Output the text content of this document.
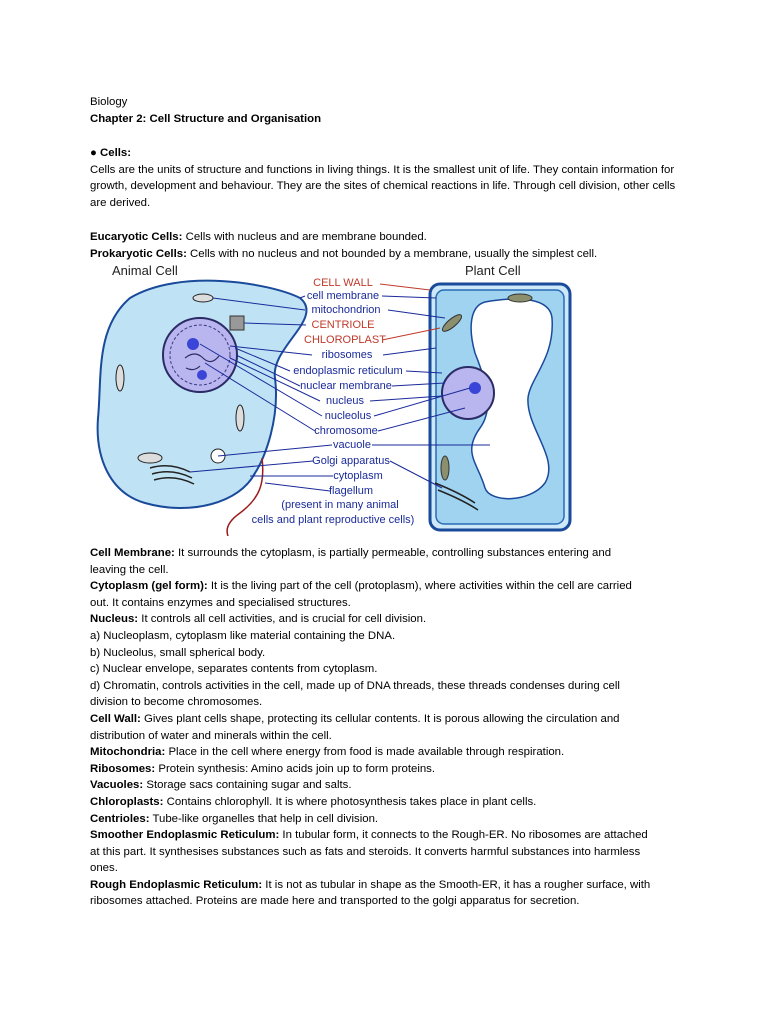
Biology
Chapter 2: Cell Structure and Organisation
● Cells:
Cells are the units of structure and functions in living things. It is the smallest unit of life. They contain information for growth, development and behaviour. They are the sites of chemical reactions in life. Through cell division, other cells are derived.
Eucaryotic Cells: Cells with nucleus and are membrane bounded.
Prokaryotic Cells: Cells with no nucleus and not bounded by a membrane, usually the simplest cell.
Animal Cell	Plant Cell
CELL WALL
cell membrane
mitochondrion
CENTRIOLE
CHLOROPLAST
ribosomes
endoplasmic reticulum
nuclear membrane
nucleus
nucleolus
chromosome
vacuole
Golgi apparatus
cytoplasm
flagellum
(present in many animal
cells and plant reproductive cells)
Cell Membrane: It surrounds the cytoplasm, is partially permeable, controlling substances entering and
leaving the cell.
Cytoplasm (gel form): It is the living part of the cell (protoplasm), where activities within the cell are carried
out. It contains enzymes and specialised structures.
Nucleus: It controls all cell activities, and is crucial for cell division.
a) Nucleoplasm, cytoplasm like material containing the DNA.
b) Nucleolus, small spherical body.
c) Nuclear envelope, separates contents from cytoplasm.
d) Chromatin, controls activities in the cell, made up of DNA threads, these threads condenses during cell
division to become chromosomes.
Cell Wall: Gives plant cells shape, protecting its cellular contents. It is porous allowing the circulation and
distribution of water and minerals within the cell.
Mitochondria: Place in the cell where energy from food is made available through respiration.
Ribosomes: Protein synthesis: Amino acids join up to form proteins.
Vacuoles: Storage sacs containing sugar and salts.
Chloroplasts: Contains chlorophyll. It is where photosynthesis takes place in plant cells.
Centrioles: Tube-like organelles that help in cell division.
Smoother Endoplasmic Reticulum: In tubular form, it connects to the Rough-ER. No ribosomes are attached
at this part. It synthesises substances such as fats and steroids. It converts harmful substances into harmless
ones.
Rough Endoplasmic Reticulum: It is not as tubular in shape as the Smooth-ER, it has a rougher surface, with
ribosomes attached. Proteins are made here and transported to the golgi apparatus for secretion.
